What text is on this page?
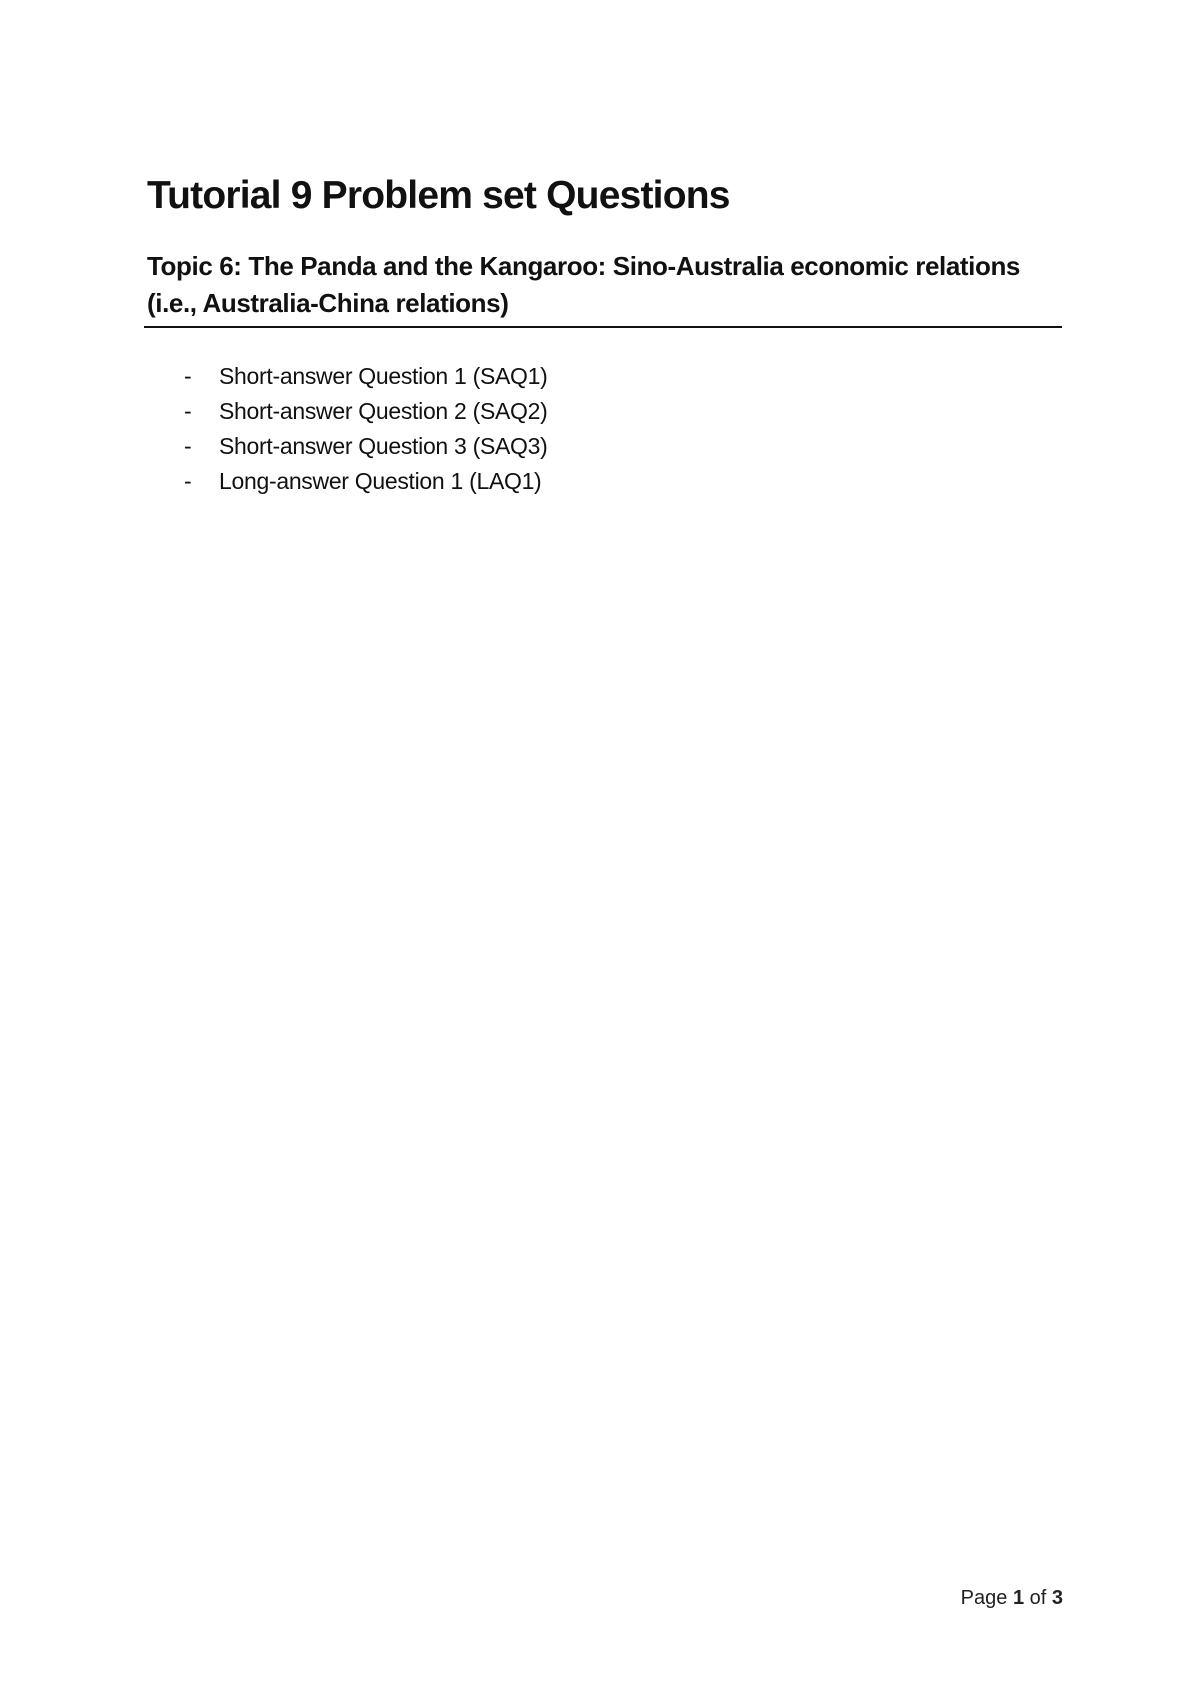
Tutorial 9 Problem set Questions
Topic 6: The Panda and the Kangaroo: Sino-Australia economic relations (i.e., Australia-China relations)
-	Short-answer Question 1 (SAQ1)
-	Short-answer Question 2 (SAQ2)
-	Short-answer Question 3 (SAQ3)
-	Long-answer Question 1 (LAQ1)
Page 1 of 3
